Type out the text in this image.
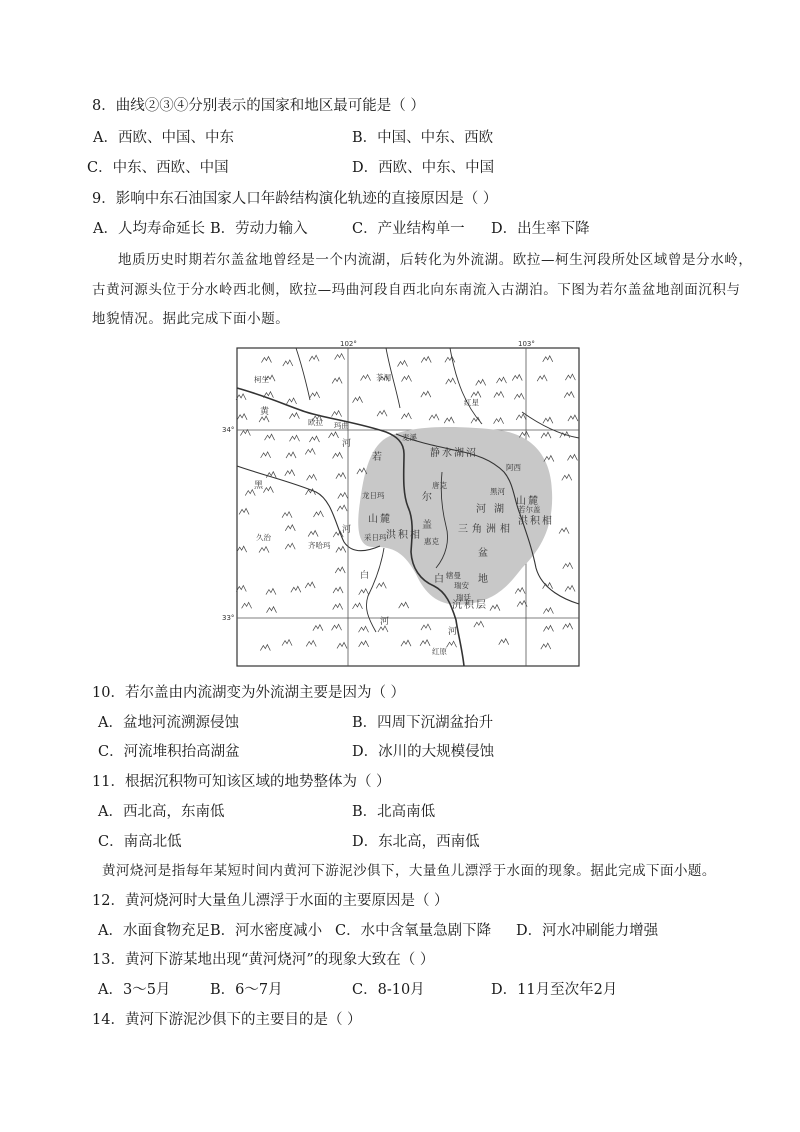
8．曲线②③④分别表示的国家和地区最可能是（ ）
A．西欧、中国、中东	B．中国、中东、西欧
C．中东、西欧、中国	D．西欧、中东、中国
9．影响中东石油国家人口年龄结构演化轨迹的直接原因是（ ）
A．人均寿命延长 B．劳动力输入	C．产业结构单一 D．出生率下降

地质历史时期若尔盖盆地曾经是一个内流湖，后转化为外流湖。欧拉—柯生河段所处区域曾是分水岭，

古黄河源头位于分水岭西北侧，欧拉—玛曲河段自西北向东南流入古湖泊。下图为若尔盖盆地剖面沉积与

地貌情况。据此完成下面小题。

102°	103°
34°
33°
柯生
欧拉 玛曲
茶洞
红星
唐克
瑞安
黑河
若尔盖
麦溪
阿西
久治	采日玛
齐哈玛	惠克
红原
龙日玛
瑞廷
辖曼
若
尔
盖
盆
地
河 湖
三 角 洲 相
山 麓
洪 积 相
山 麓
洪 积 相
静 水 湖 沼
沉 积 层
白
黄
河
黑
河
白
河
河
10．若尔盖由内流湖变为外流湖主要是因为（ ）
A．盆地河流溯源侵蚀	B．四周下沉湖盆抬升
C．河流堆积抬高湖盆	D．冰川的大规模侵蚀
11．根据沉积物可知该区域的地势整体为（ ）
A．西北高，东南低	B．北高南低
C．南高北低	D．东北高，西南低

黄河烧河是指每年某短时间内黄河下游泥沙俱下，大量鱼儿漂浮于水面的现象。据此完成下面小题。

12．黄河烧河时大量鱼儿漂浮于水面的主要原因是（ ）
A．水面食物充足 B．河水密度减小 C．水中含氧量急剧下降 D．河水冲刷能力增强
13．黄河下游某地出现“黄河烧河”的现象大致在（ ）
A．3～5月	B．6～7月	C．8-10月	D．11月至次年2月
14．黄河下游泥沙俱下的主要目的是（ ）
